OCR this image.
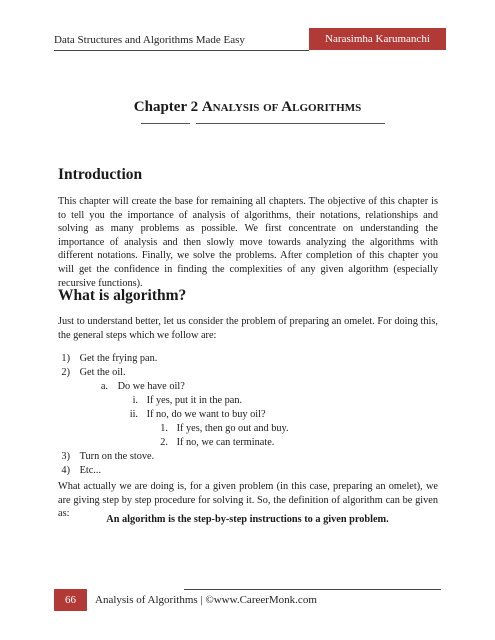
Data Structures and Algorithms Made Easy	Narasimha Karumanchi
Chapter 2 Analysis of Algorithms
Introduction

This chapter will create the base for remaining all chapters. The objective of this chapter is to tell you the importance of analysis of algorithms, their notations, relationships and solving as many problems as possible. We first concentrate on understanding the importance of analysis and then slowly move towards analyzing the algorithms with different notations. Finally, we solve the problems. After completion of this chapter you will get the confidence in finding the complexities of any given algorithm (especially recursive functions).

What is algorithm?

Just to understand better, let us consider the problem of preparing an omelet. For doing this, the general steps which we follow are:

1) Get the frying pan.
2) Get the oil.
a. Do we have oil?
i. If yes, put it in the pan.
ii. If no, do we want to buy oil?
1. If yes, then go out and buy.
2. If no, we can terminate.
3) Turn on the stove.
4) Etc...

What actually we are doing is, for a given problem (in this case, preparing an omelet), we are giving step by step procedure for solving it. So, the definition of algorithm can be given as:

An algorithm is the step-by-step instructions to a given problem.
66	Analysis of Algorithms | ©www.CareerMonk.com
